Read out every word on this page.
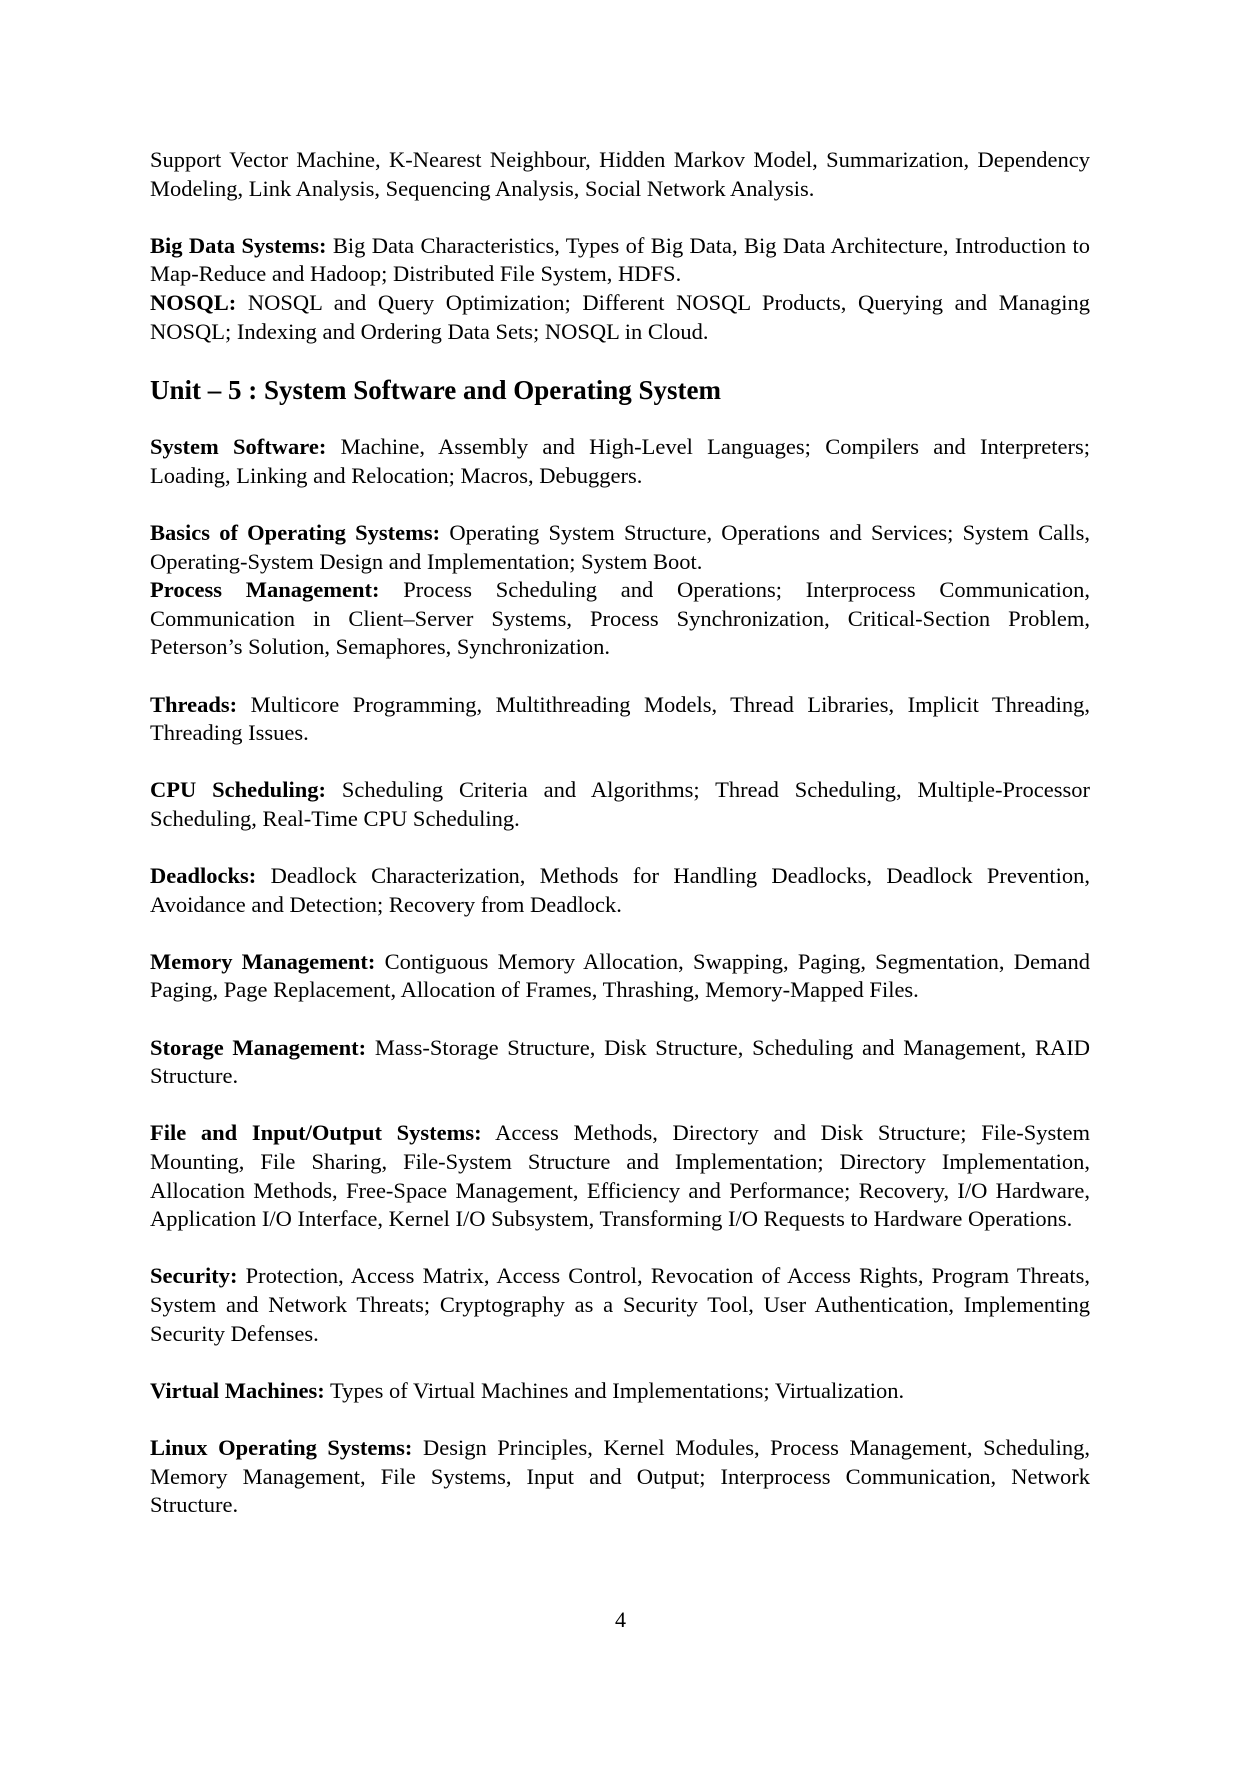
Support Vector Machine, K-Nearest Neighbour, Hidden Markov Model, Summarization, Dependency Modeling, Link Analysis, Sequencing Analysis, Social Network Analysis.

Big Data Systems: Big Data Characteristics, Types of Big Data, Big Data Architecture, Introduction to Map-Reduce and Hadoop; Distributed File System, HDFS.

NOSQL: NOSQL and Query Optimization; Different NOSQL Products, Querying and Managing NOSQL; Indexing and Ordering Data Sets; NOSQL in Cloud.

Unit – 5 : System Software and Operating System

System Software: Machine, Assembly and High-Level Languages; Compilers and Interpreters; Loading, Linking and Relocation; Macros, Debuggers.

Basics of Operating Systems: Operating System Structure, Operations and Services; System Calls, Operating-System Design and Implementation; System Boot.

Process Management: Process Scheduling and Operations; Interprocess Communication, Communication in Client–Server Systems, Process Synchronization, Critical-Section Problem, Peterson’s Solution, Semaphores, Synchronization.

Threads: Multicore Programming, Multithreading Models, Thread Libraries, Implicit Threading, Threading Issues.

CPU Scheduling: Scheduling Criteria and Algorithms; Thread Scheduling, Multiple-Processor Scheduling, Real-Time CPU Scheduling.

Deadlocks: Deadlock Characterization, Methods for Handling Deadlocks, Deadlock Prevention, Avoidance and Detection; Recovery from Deadlock.

Memory Management: Contiguous Memory Allocation, Swapping, Paging, Segmentation, Demand Paging, Page Replacement, Allocation of Frames, Thrashing, Memory-Mapped Files.

Storage Management: Mass-Storage Structure, Disk Structure, Scheduling and Management, RAID Structure.

File and Input/Output Systems: Access Methods, Directory and Disk Structure; File-System Mounting, File Sharing, File-System Structure and Implementation; Directory Implementation, Allocation Methods, Free-Space Management, Efficiency and Performance; Recovery, I/O Hardware, Application I/O Interface, Kernel I/O Subsystem, Transforming I/O Requests to Hardware Operations.

Security: Protection, Access Matrix, Access Control, Revocation of Access Rights, Program Threats, System and Network Threats; Cryptography as a Security Tool, User Authentication, Implementing Security Defenses.

Virtual Machines: Types of Virtual Machines and Implementations; Virtualization.

Linux Operating Systems: Design Principles, Kernel Modules, Process Management, Scheduling, Memory Management, File Systems, Input and Output; Interprocess Communication, Network Structure.

4
